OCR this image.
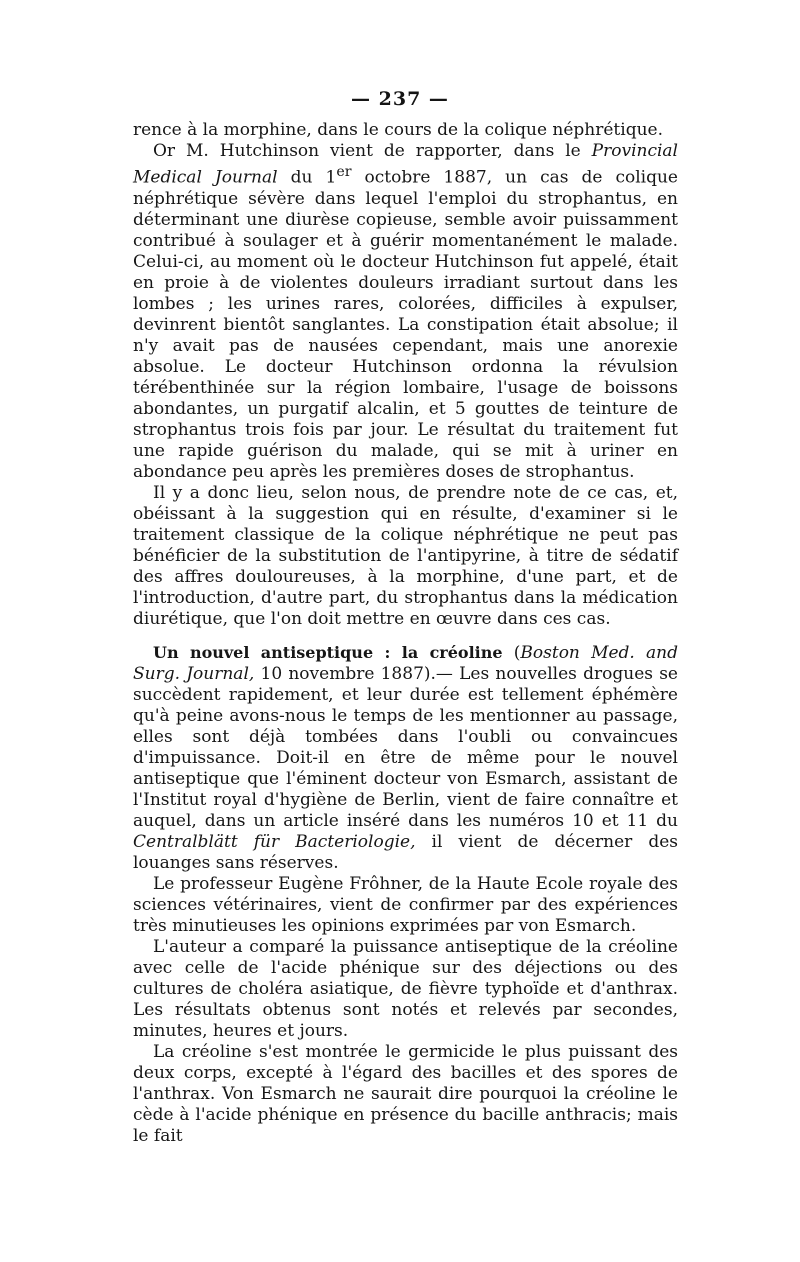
— 237 —

rence à la morphine, dans le cours de la colique néphrétique.

Or M. Hutchinson vient de rapporter, dans le Provincial Medical Journal du 1er octobre 1887, un cas de colique néphrétique sévère dans lequel l'emploi du strophantus, en déterminant une diurèse copieuse, semble avoir puissamment contribué à soulager et à guérir momentanément le malade. Celui-ci, au moment où le docteur Hutchinson fut appelé, était en proie à de violentes douleurs irradiant surtout dans les lombes ; les urines rares, colorées, difficiles à expulser, devinrent bientôt sanglantes. La constipation était absolue; il n'y avait pas de nausées cependant, mais une anorexie absolue. Le docteur Hutchinson ordonna la révulsion térébenthinée sur la région lombaire, l'usage de boissons abondantes, un purgatif alcalin, et 5 gouttes de teinture de strophantus trois fois par jour. Le résultat du traitement fut une rapide guérison du malade, qui se mit à uriner en abondance peu après les premières doses de strophantus.

Il y a donc lieu, selon nous, de prendre note de ce cas, et, obéissant à la suggestion qui en résulte, d'examiner si le traitement classique de la colique néphrétique ne peut pas bénéficier de la substitution de l'antipyrine, à titre de sédatif des affres douloureuses, à la morphine, d'une part, et de l'introduction, d'autre part, du strophantus dans la médication diurétique, que l'on doit mettre en œuvre dans ces cas.

Un nouvel antiseptique : la créoline (Boston Med. and Surg. Journal, 10 novembre 1887).— Les nouvelles drogues se succèdent rapidement, et leur durée est tellement éphémère qu'à peine avons-nous le temps de les mentionner au passage, elles sont déjà tombées dans l'oubli ou convaincues d'impuissance. Doit-il en être de même pour le nouvel antiseptique que l'éminent docteur von Esmarch, assistant de l'Institut royal d'hygiène de Berlin, vient de faire connaître et auquel, dans un article inséré dans les numéros 10 et 11 du Centralblätt für Bacteriologie, il vient de décerner des louanges sans réserves.

Le professeur Eugène Frôhner, de la Haute Ecole royale des sciences vétérinaires, vient de confirmer par des expériences très minutieuses les opinions exprimées par von Esmarch.

L'auteur a comparé la puissance antiseptique de la créoline avec celle de l'acide phénique sur des déjections ou des cultures de choléra asiatique, de fièvre typhoïde et d'anthrax. Les résultats obtenus sont notés et relevés par secondes, minutes, heures et jours.

La créoline s'est montrée le germicide le plus puissant des deux corps, excepté à l'égard des bacilles et des spores de l'anthrax. Von Esmarch ne saurait dire pourquoi la créoline le cède à l'acide phénique en présence du bacille anthracis; mais le fait
